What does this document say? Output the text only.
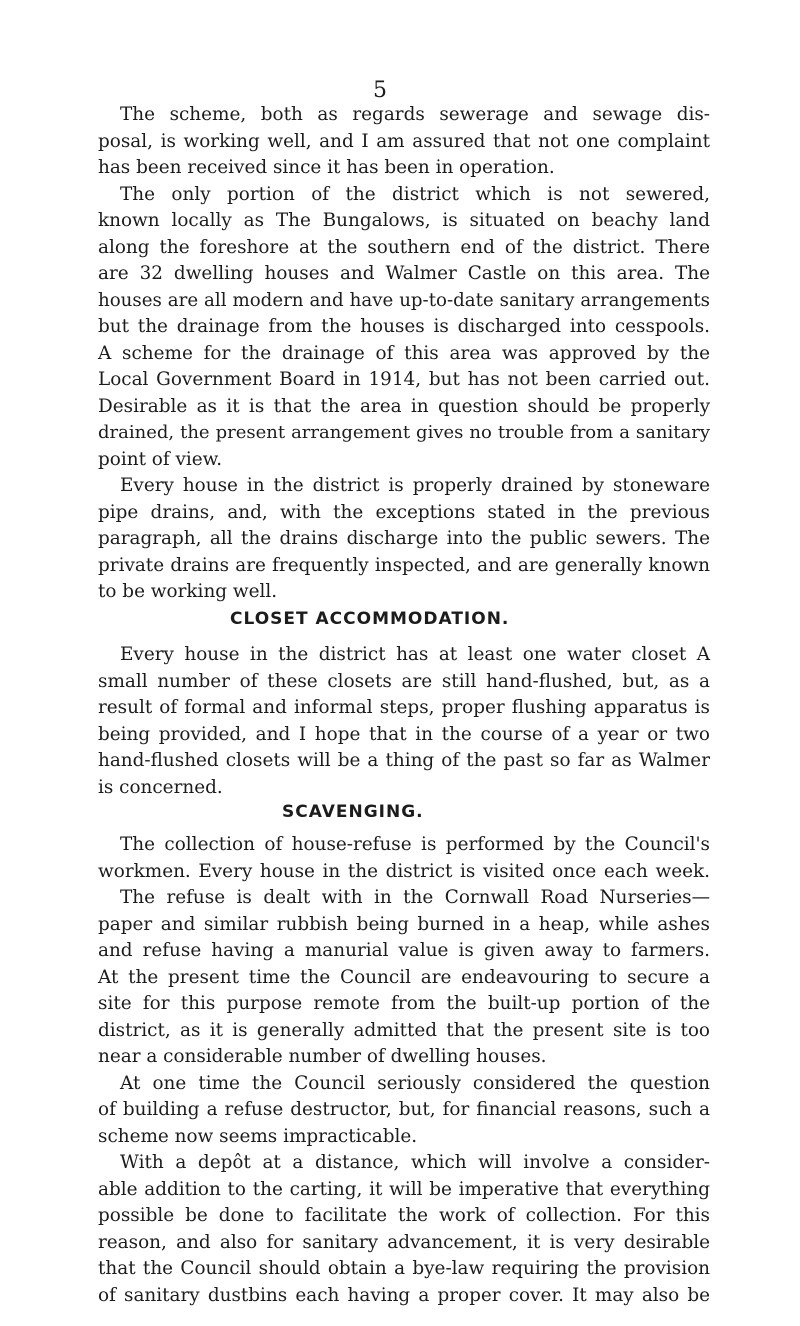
5
The scheme, both as regards sewerage and sewage dis-
posal, is working well, and I am assured that not one complaint
has been received since it has been in operation.
The only portion of the district which is not sewered,
known locally as The Bungalows, is situated on beachy land
along the foreshore at the southern end of the district. There
are 32 dwelling houses and Walmer Castle on this area. The
houses are all modern and have up-to-date sanitary arrangements
but the drainage from the houses is discharged into cesspools.
A scheme for the drainage of this area was approved by the
Local Government Board in 1914, but has not been carried out.
Desirable as it is that the area in question should be properly
drained, the present arrangement gives no trouble from a sanitary
point of view.
Every house in the district is properly drained by stoneware
pipe drains, and, with the exceptions stated in the previous
paragraph, all the drains discharge into the public sewers. The
private drains are frequently inspected, and are generally known
to be working well.
CLOSET ACCOMMODATION.
Every house in the district has at least one water closet A
small number of these closets are still hand-flushed, but, as a
result of formal and informal steps, proper flushing apparatus is
being provided, and I hope that in the course of a year or two
hand-flushed closets will be a thing of the past so far as Walmer
is concerned.
SCAVENGING.
The collection of house-refuse is performed by the Council's
workmen. Every house in the district is visited once each week.
The refuse is dealt with in the Cornwall Road Nurseries—
paper and similar rubbish being burned in a heap, while ashes
and refuse having a manurial value is given away to farmers.
At the present time the Council are endeavouring to secure a
site for this purpose remote from the built-up portion of the
district, as it is generally admitted that the present site is too
near a considerable number of dwelling houses.
At one time the Council seriously considered the question
of building a refuse destructor, but, for financial reasons, such a
scheme now seems impracticable.
With a depôt at a distance, which will involve a consider-
able addition to the carting, it will be imperative that everything
possible be done to facilitate the work of collection. For this
reason, and also for sanitary advancement, it is very desirable
that the Council should obtain a bye-law requiring the provision
of sanitary dustbins each having a proper cover. It may also be
